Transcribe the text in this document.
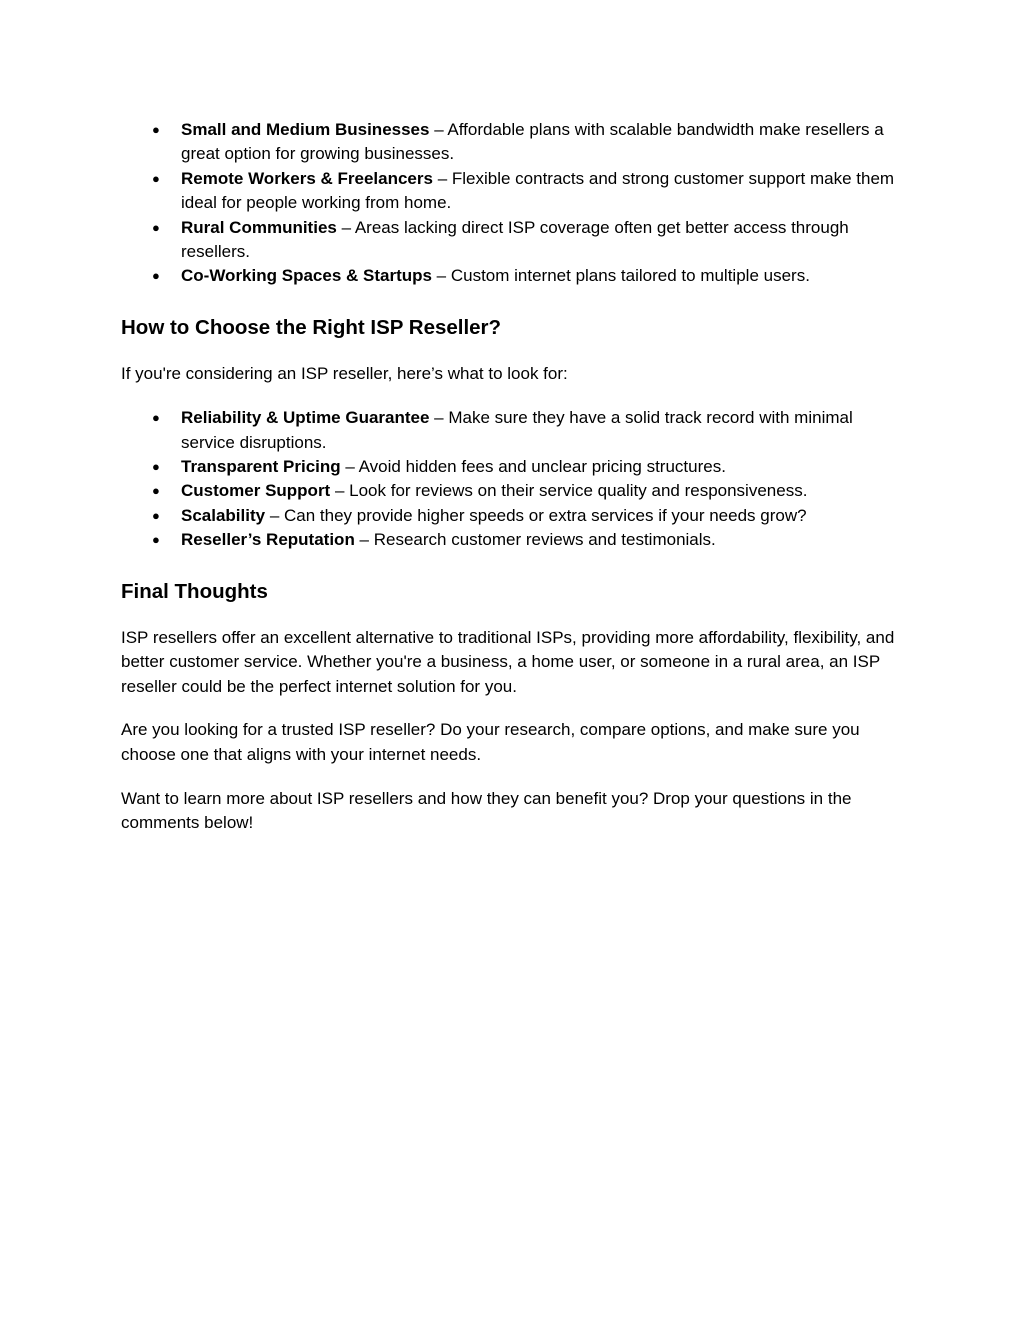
● Small and Medium Businesses – Affordable plans with scalable bandwidth make resellers a great option for growing businesses.
● Remote Workers & Freelancers – Flexible contracts and strong customer support make them ideal for people working from home.
● Rural Communities – Areas lacking direct ISP coverage often get better access through resellers.
● Co-Working Spaces & Startups – Custom internet plans tailored to multiple users.
How to Choose the Right ISP Reseller?

If you're considering an ISP reseller, here’s what to look for:

● Reliability & Uptime Guarantee – Make sure they have a solid track record with minimal service disruptions.
● Transparent Pricing – Avoid hidden fees and unclear pricing structures.
● Customer Support – Look for reviews on their service quality and responsiveness.
● Scalability – Can they provide higher speeds or extra services if your needs grow?
● Reseller’s Reputation – Research customer reviews and testimonials.
Final Thoughts

ISP resellers offer an excellent alternative to traditional ISPs, providing more affordability, flexibility, and better customer service. Whether you're a business, a home user, or someone in a rural area, an ISP reseller could be the perfect internet solution for you.

Are you looking for a trusted ISP reseller? Do your research, compare options, and make sure you choose one that aligns with your internet needs.

Want to learn more about ISP resellers and how they can benefit you? Drop your questions in the comments below!
